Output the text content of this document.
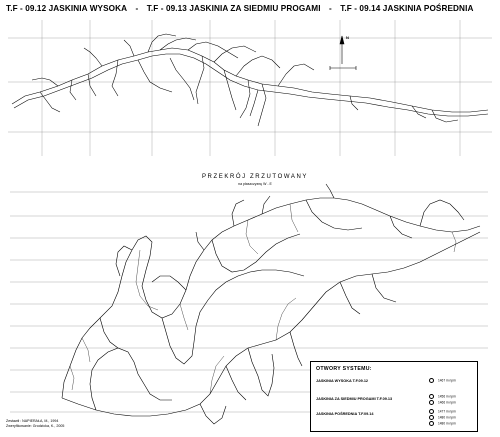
T.F - 09.12 JASKINIA WYSOKA - T.F - 09.13 JASKINIA ZA SIEDMIU PROGAMI - T.F - 09.14 JASKINIA POŚREDNIA
PRZEKRÓJ ZRZUTOWANY
na płaszczyznę W - E
N
OTWORY SYSTEMU:
JASKINIA WYSOKA T.F.09.12	1467 m npm
JASKINIA ZA SIEDMIU PROGAMI T.F.09.13
1456 m npm
1466 m npm
JASKINIA POŚREDNIA T.F.09.14
1477 m npm
1480 m npm
1480 m npm
Zestawił : NAPIERAŁA, M., 1994
Zweryfikowanie: Grodzicka, K., 2005
